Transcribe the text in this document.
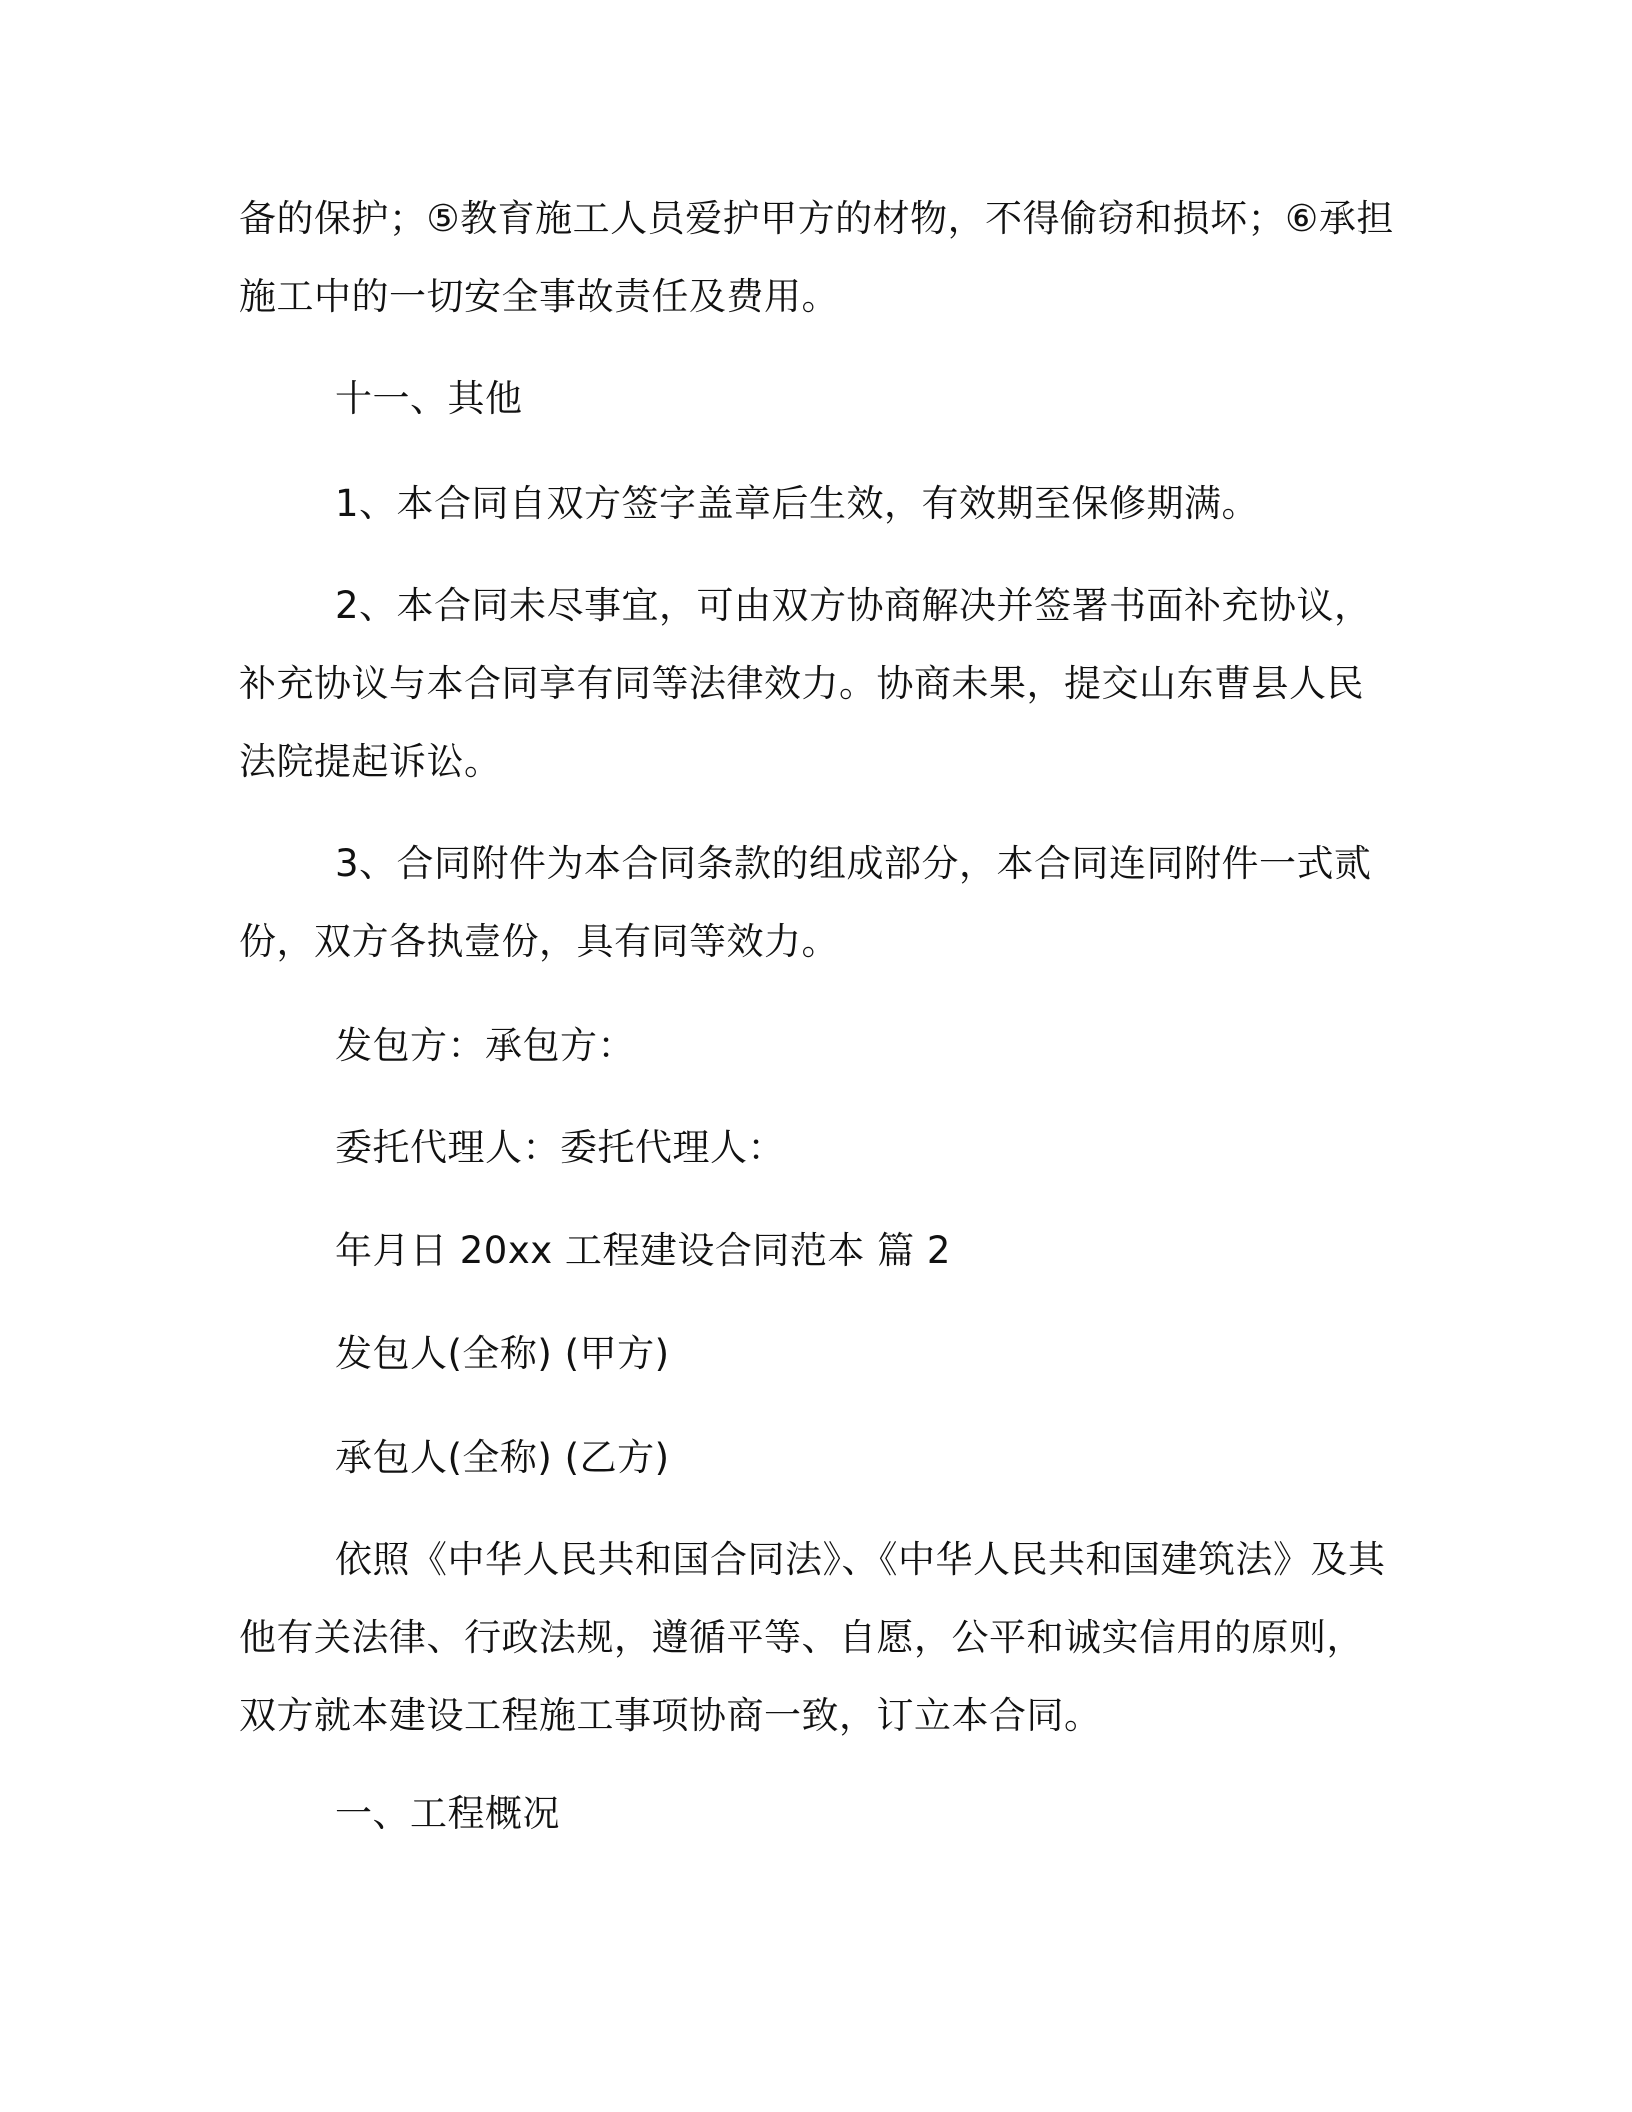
备的保护；⑤教育施工人员爱护甲方的材物，不得偷窃和损坏；⑥承担施工中的一切安全事故责任及费用。

十一、其他

1、本合同自双方签字盖章后生效，有效期至保修期满。

2、本合同未尽事宜，可由双方协商解决并签署书面补充协议，补充协议与本合同享有同等法律效力。协商未果，提交山东曹县人民法院提起诉讼。

3、合同附件为本合同条款的组成部分，本合同连同附件一式贰份，双方各执壹份，具有同等效力。

发包方：承包方：

委托代理人：委托代理人：

年月日 20xx 工程建设合同范本 篇 2

发包人(全称) (甲方)

承包人(全称) (乙方)

依照《中华人民共和国合同法》、《中华人民共和国建筑法》及其他有关法律、行政法规，遵循平等、自愿，公平和诚实信用的原则，双方就本建设工程施工事项协商一致，订立本合同。

一、工程概况
